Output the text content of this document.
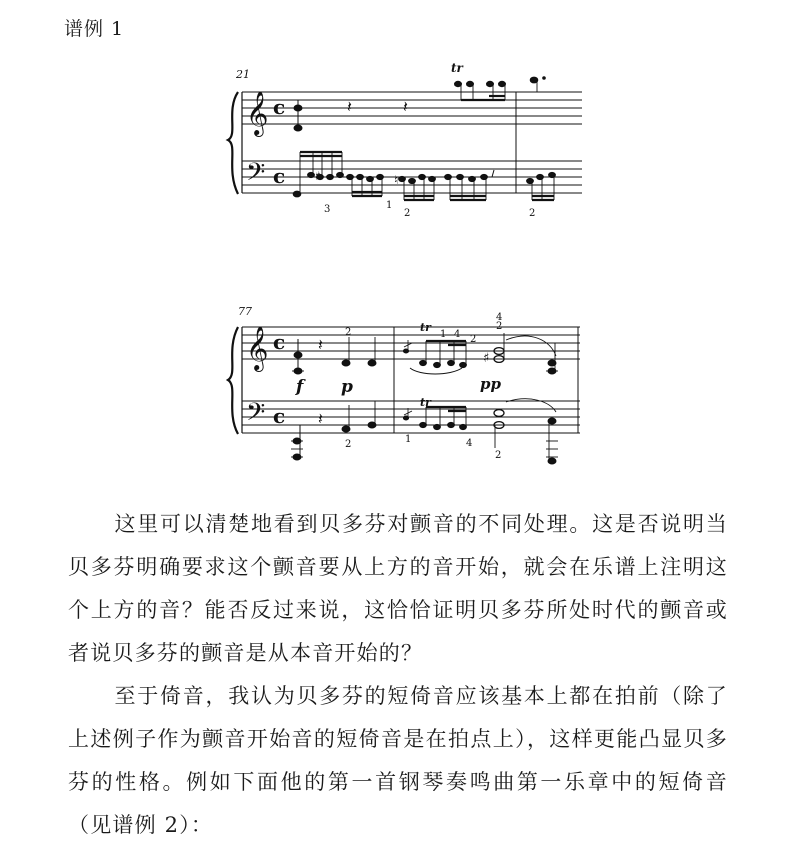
谱例 1
21
𝄞
𝄢
c
c
𝄽	𝄽
tr
♯	♮
3	1
2	2
77
𝄞
𝄢
c
c
𝄽
2
f p	pp
tr
1 4 2
♯
4
2
𝄽
2
tr
1	4
2
这里可以清楚地看到贝多芬对颤音的不同处理。这是否说明当贝多芬明确要求这个颤音要从上方的音开始，就会在乐谱上注明这个上方的音？能否反过来说，这恰恰证明贝多芬所处时代的颤音或者说贝多芬的颤音是从本音开始的？
至于倚音，我认为贝多芬的短倚音应该基本上都在拍前（除了上述例子作为颤音开始音的短倚音是在拍点上），这样更能凸显贝多芬的性格。例如下面他的第一首钢琴奏鸣曲第一乐章中的短倚音（见谱例 2）：
